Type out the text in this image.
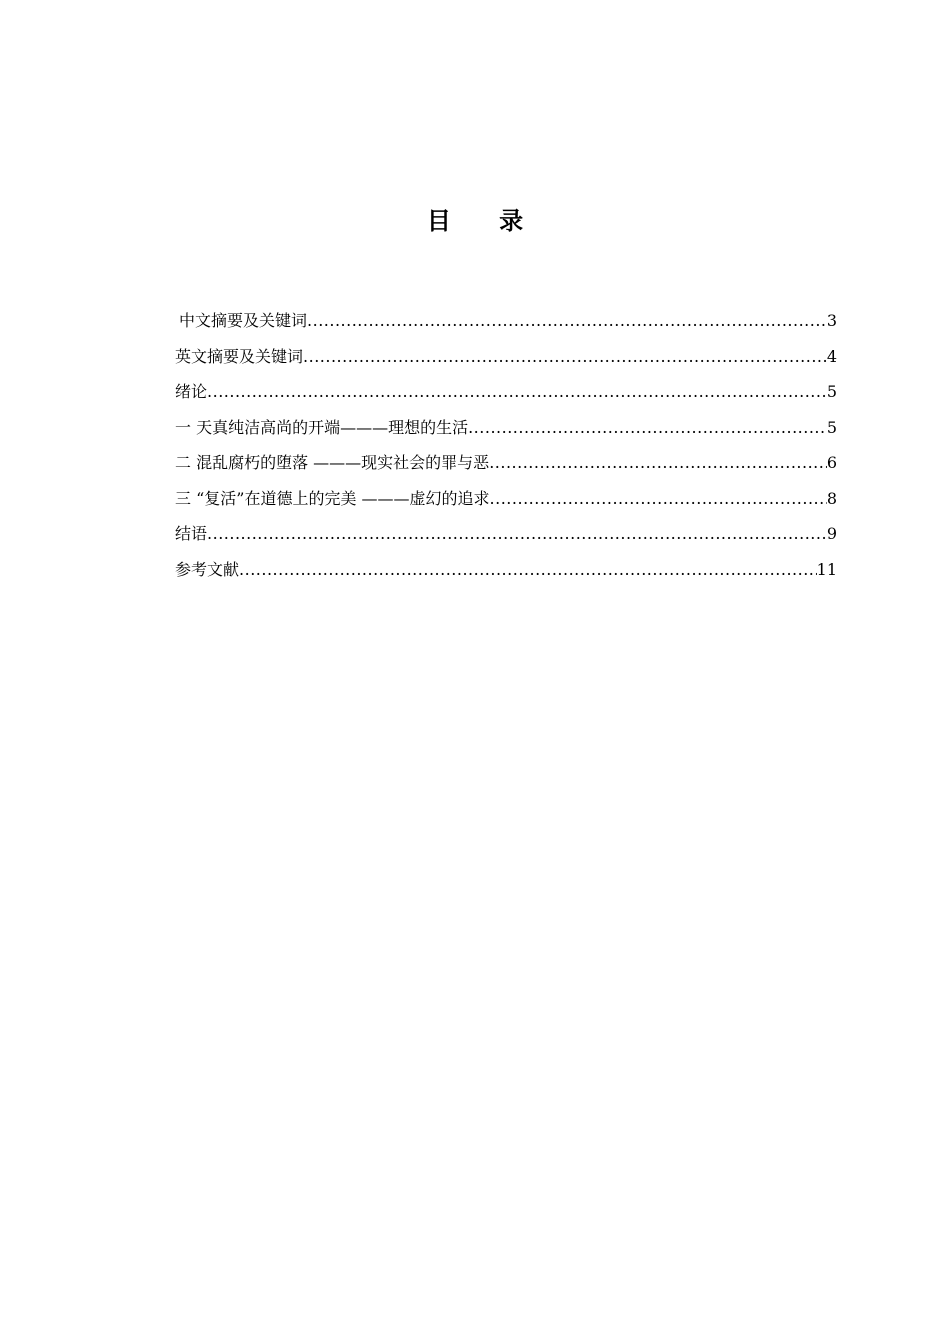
目 录
中文摘要及关键词 .....	3
英文摘要及关键词 .....	4
绪论 .....	5
一 天真纯洁高尚的开端———理想的生活 .....	5
二 混乱腐朽的堕落 ———现实社会的罪与恶 .....	6
三 “复活”在道德上的完美 ———虚幻的追求 .....	8
结语 .....	9
参考文献 .....	11
